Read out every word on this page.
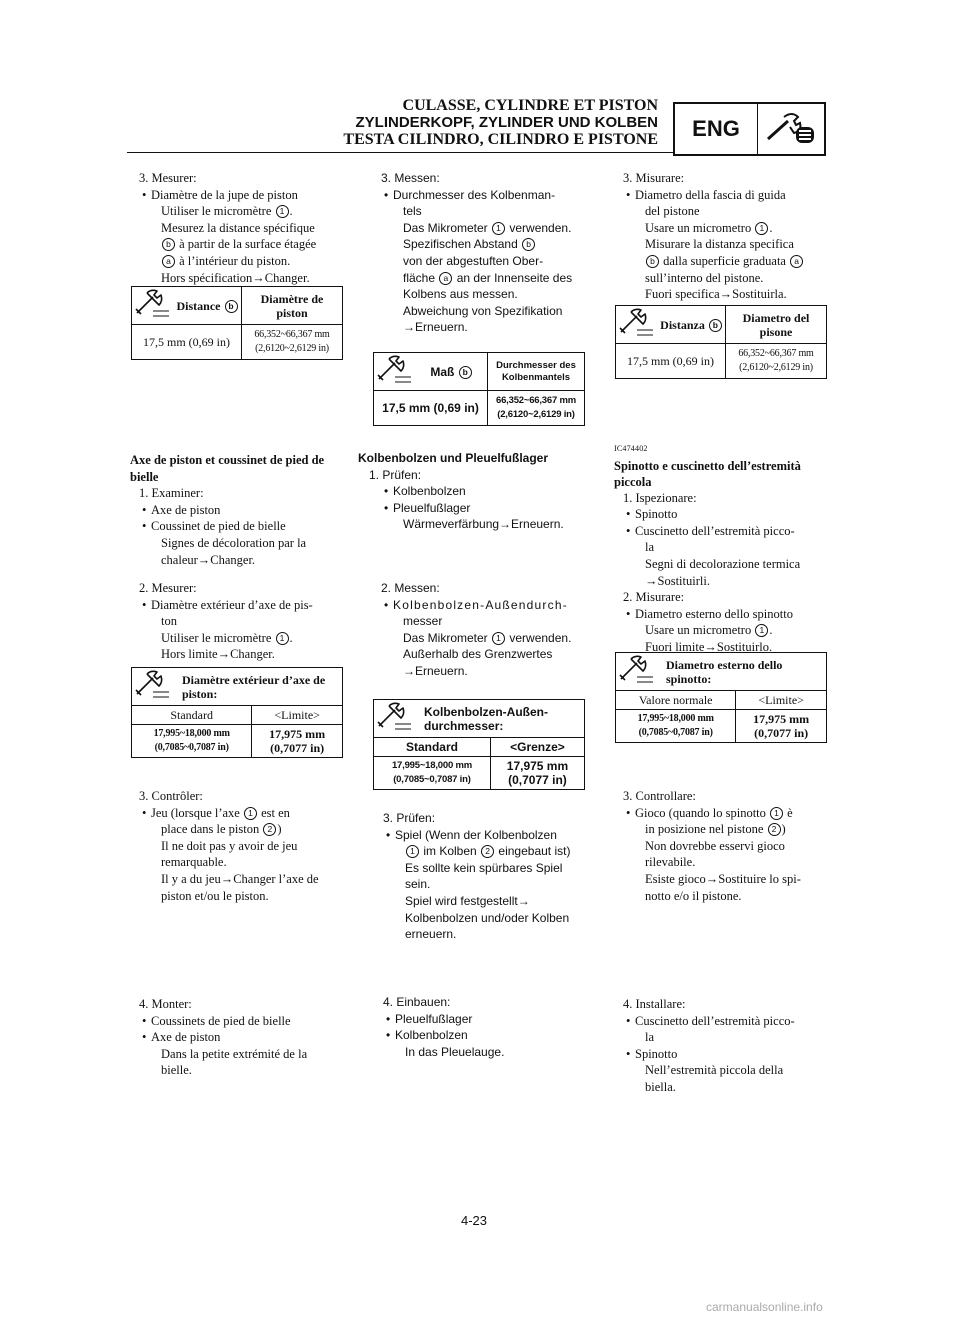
CULASSE, CYLINDRE ET PISTON
ZYLINDERKOPF, ZYLINDER UND KOLBEN
TESTA CILINDRO, CILINDRO E PISTONE	ENG
3. Mesurer:
• Diamètre de la jupe de piston
Utiliser le micromètre 1 .
Mesurez la distance spécifique
b à partir de la surface étagée
a à l’intérieur du piston.
Hors spécification→Changer.
	Distance b	Diamètre de piston
17,5 mm (0,69 in)		66,352~66,367 mm (2,6120~2,6129 in)
Axe de piston et coussinet de pied de bielle
1. Examiner:
• Axe de piston
• Coussinet de pied de bielle
Signes de décoloration par la
chaleur→Changer.
2. Mesurer:
• Diamètre extérieur d’axe de pis-
ton
Utiliser le micromètre 1 .
Hors limite→Changer.
	Diamètre extérieur d’axe de piston:	
Standard		<Limite>
17,995~18,000 mm (0,7085~0,7087 in)		17,975 mm (0,7077 in)
3. Contrôler:
• Jeu (lorsque l’axe 1 est en
place dans le piston 2 )
Il ne doit pas y avoir de jeu
remarquable.
Il y a du jeu→Changer l’axe de
piston et/ou le piston.
4. Monter:
• Coussinets de pied de bielle
• Axe de piston
Dans la petite extrémité de la
bielle.
3. Messen:
• Durchmesser des Kolbenman-
tels
Das Mikrometer 1 verwenden.
Spezifischen Abstand b
von der abgestuften Ober-
fläche a an der Innenseite des
Kolbens aus messen.
Abweichung von Spezifikation
→Erneuern.
	Maß b	Durchmesser des Kolbenmantels
17,5 mm (0,69 in)		66,352~66,367 mm (2,6120~2,6129 in)
Kolbenbolzen und Pleuelfußlager
1. Prüfen:
• Kolbenbolzen
• Pleuelfußlager
Wärmeverfärbung→Erneuern.
2. Messen:
• Kolbenbolzen-Außendurch-
messer
Das Mikrometer 1 verwenden.
Außerhalb des Grenzwertes
→Erneuern.
	Kolbenbolzen-Außen-durchmesser:	
Standard		<Grenze>
17,995~18,000 mm (0,7085~0,7087 in)		17,975 mm (0,7077 in)
3. Prüfen:
• Spiel (Wenn der Kolbenbolzen
1 im Kolben 2 eingebaut ist)
Es sollte kein spürbares Spiel
sein.
Spiel wird festgestellt→
Kolbenbolzen und/oder Kolben
erneuern.
4. Einbauen:
• Pleuelfußlager
• Kolbenbolzen
In das Pleuelauge.
3. Misurare:
• Diametro della fascia di guida
del pistone
Usare un micrometro 1 .
Misurare la distanza specifica
b dalla superficie graduata a
sull’interno del pistone.
Fuori specifica→Sostituirla.
	Distanza b	Diametro del pisone
17,5 mm (0,69 in)		66,352~66,367 mm (2,6120~2,6129 in)
IC474402
Spinotto e cuscinetto dell’estremità piccola
1. Ispezionare:
• Spinotto
• Cuscinetto dell’estremità picco-
la
Segni di decolorazione termica
→Sostituirli.
2. Misurare:
• Diametro esterno dello spinotto
Usare un micrometro 1 .
Fuori limite→Sostituirlo.
	Diametro esterno dello spinotto:	
Valore normale		<Limite>
17,995~18,000 mm (0,7085~0,7087 in)		17,975 mm (0,7077 in)
3. Controllare:
• Gioco (quando lo spinotto 1 è
in posizione nel pistone 2 )
Non dovrebbe esservi gioco
rilevabile.
Esiste gioco→Sostituire lo spi-
notto e/o il pistone.
4. Installare:
• Cuscinetto dell’estremità picco-
la
• Spinotto
Nell’estremità piccola della
biella.
4-23
carmanualsonline.info
